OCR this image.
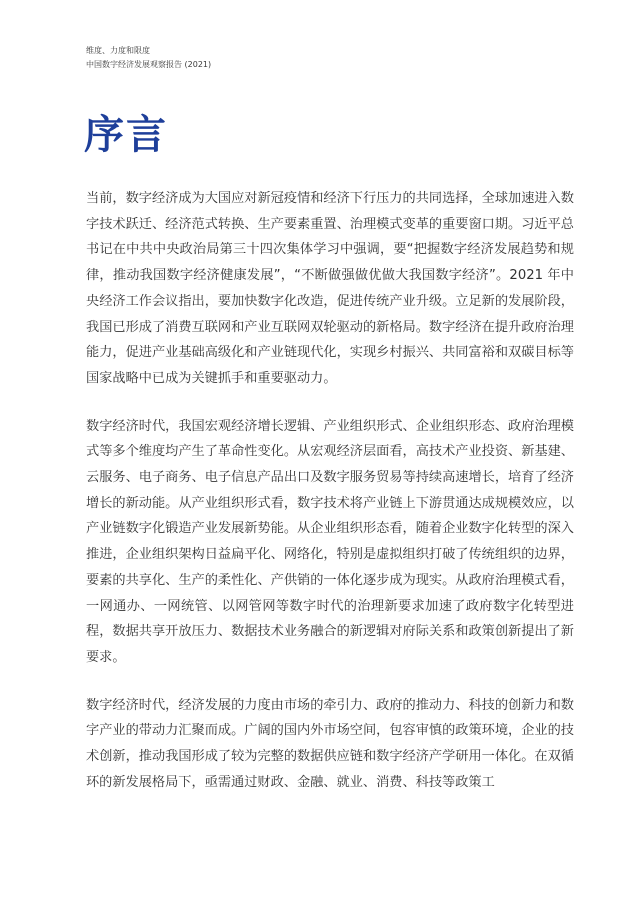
维度、力度和限度
中国数字经济发展观察报告 (2021)
序言

当前，数字经济成为大国应对新冠疫情和经济下行压力的共同选择，全球加速进入数字技术跃迁、经济范式转换、生产要素重置、治理模式变革的重要窗口期。习近平总书记在中共中央政治局第三十四次集体学习中强调，要“把握数字经济发展趋势和规律，推动我国数字经济健康发展”，“不断做强做优做大我国数字经济”。2021 年中央经济工作会议指出，要加快数字化改造，促进传统产业升级。立足新的发展阶段，我国已形成了消费互联网和产业互联网双轮驱动的新格局。数字经济在提升政府治理能力，促进产业基础高级化和产业链现代化，实现乡村振兴、共同富裕和双碳目标等国家战略中已成为关键抓手和重要驱动力。

数字经济时代，我国宏观经济增长逻辑、产业组织形式、企业组织形态、政府治理模式等多个维度均产生了革命性变化。从宏观经济层面看，高技术产业投资、新基建、云服务、电子商务、电子信息产品出口及数字服务贸易等持续高速增长，培育了经济增长的新动能。从产业组织形式看，数字技术将产业链上下游贯通达成规模效应，以产业链数字化锻造产业发展新势能。从企业组织形态看，随着企业数字化转型的深入推进，企业组织架构日益扁平化、网络化，特别是虚拟组织打破了传统组织的边界，要素的共享化、生产的柔性化、产供销的一体化逐步成为现实。从政府治理模式看，一网通办、一网统管、以网管网等数字时代的治理新要求加速了政府数字化转型进程，数据共享开放压力、数据技术业务融合的新逻辑对府际关系和政策创新提出了新要求。

数字经济时代，经济发展的力度由市场的牵引力、政府的推动力、科技的创新力和数字产业的带动力汇聚而成。广阔的国内外市场空间，包容审慎的政策环境，企业的技术创新，推动我国形成了较为完整的数据供应链和数字经济产学研用一体化。在双循环的新发展格局下，亟需通过财政、金融、就业、消费、科技等政策工
